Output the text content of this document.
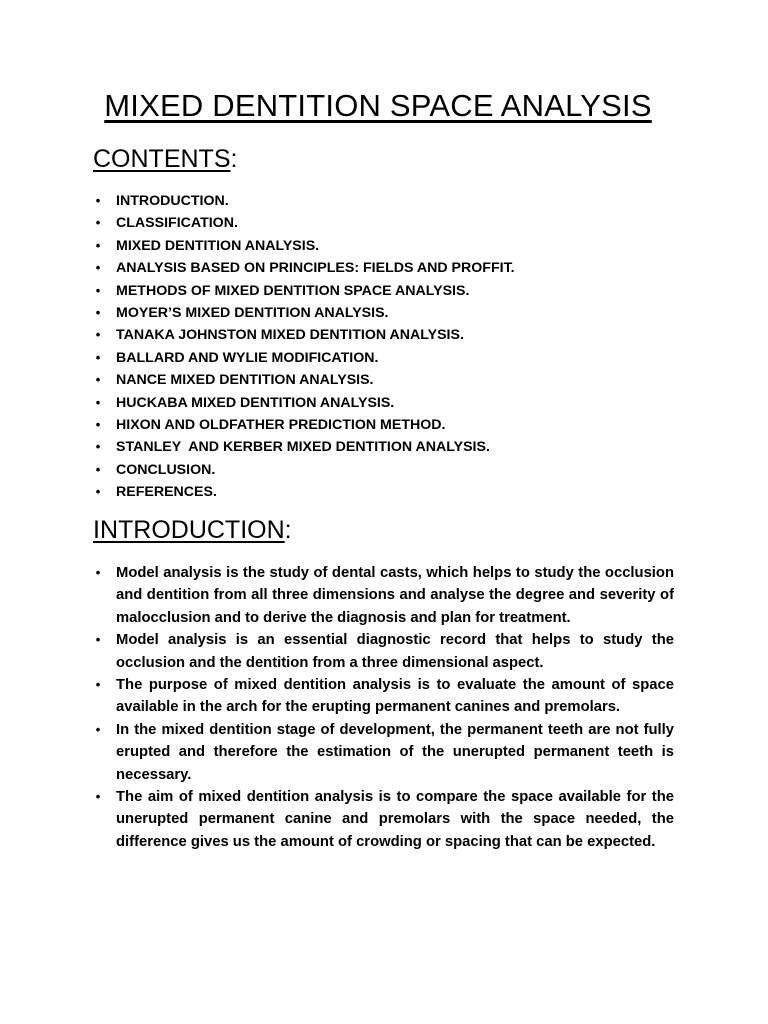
MIXED DENTITION SPACE ANALYSIS
CONTENTS:
• INTRODUCTION.
• CLASSIFICATION.
• MIXED DENTITION ANALYSIS.
• ANALYSIS BASED ON PRINCIPLES: FIELDS AND PROFFIT.
• METHODS OF MIXED DENTITION SPACE ANALYSIS.
• MOYER’S MIXED DENTITION ANALYSIS.
• TANAKA JOHNSTON MIXED DENTITION ANALYSIS.
• BALLARD AND WYLIE MODIFICATION.
• NANCE MIXED DENTITION ANALYSIS.
• HUCKABA MIXED DENTITION ANALYSIS.
• HIXON AND OLDFATHER PREDICTION METHOD.
• STANLEY  AND KERBER MIXED DENTITION ANALYSIS.
• CONCLUSION.
• REFERENCES.
INTRODUCTION:
• Model analysis is the study of dental casts, which helps to study the occlusion and dentition from all three dimensions and analyse the degree and severity of malocclusion and to derive the diagnosis and plan for treatment.
• Model analysis is an essential diagnostic record that helps to study the occlusion and the dentition from a three dimensional aspect.
• The purpose of mixed dentition analysis is to evaluate the amount of space available in the arch for the erupting permanent canines and premolars.
• In the mixed dentition stage of development, the permanent teeth are not fully erupted and therefore the estimation of the unerupted permanent teeth is necessary.
• The aim of mixed dentition analysis is to compare the space available for the unerupted permanent canine and premolars with the space needed, the difference gives us the amount of crowding or spacing that can be expected.
